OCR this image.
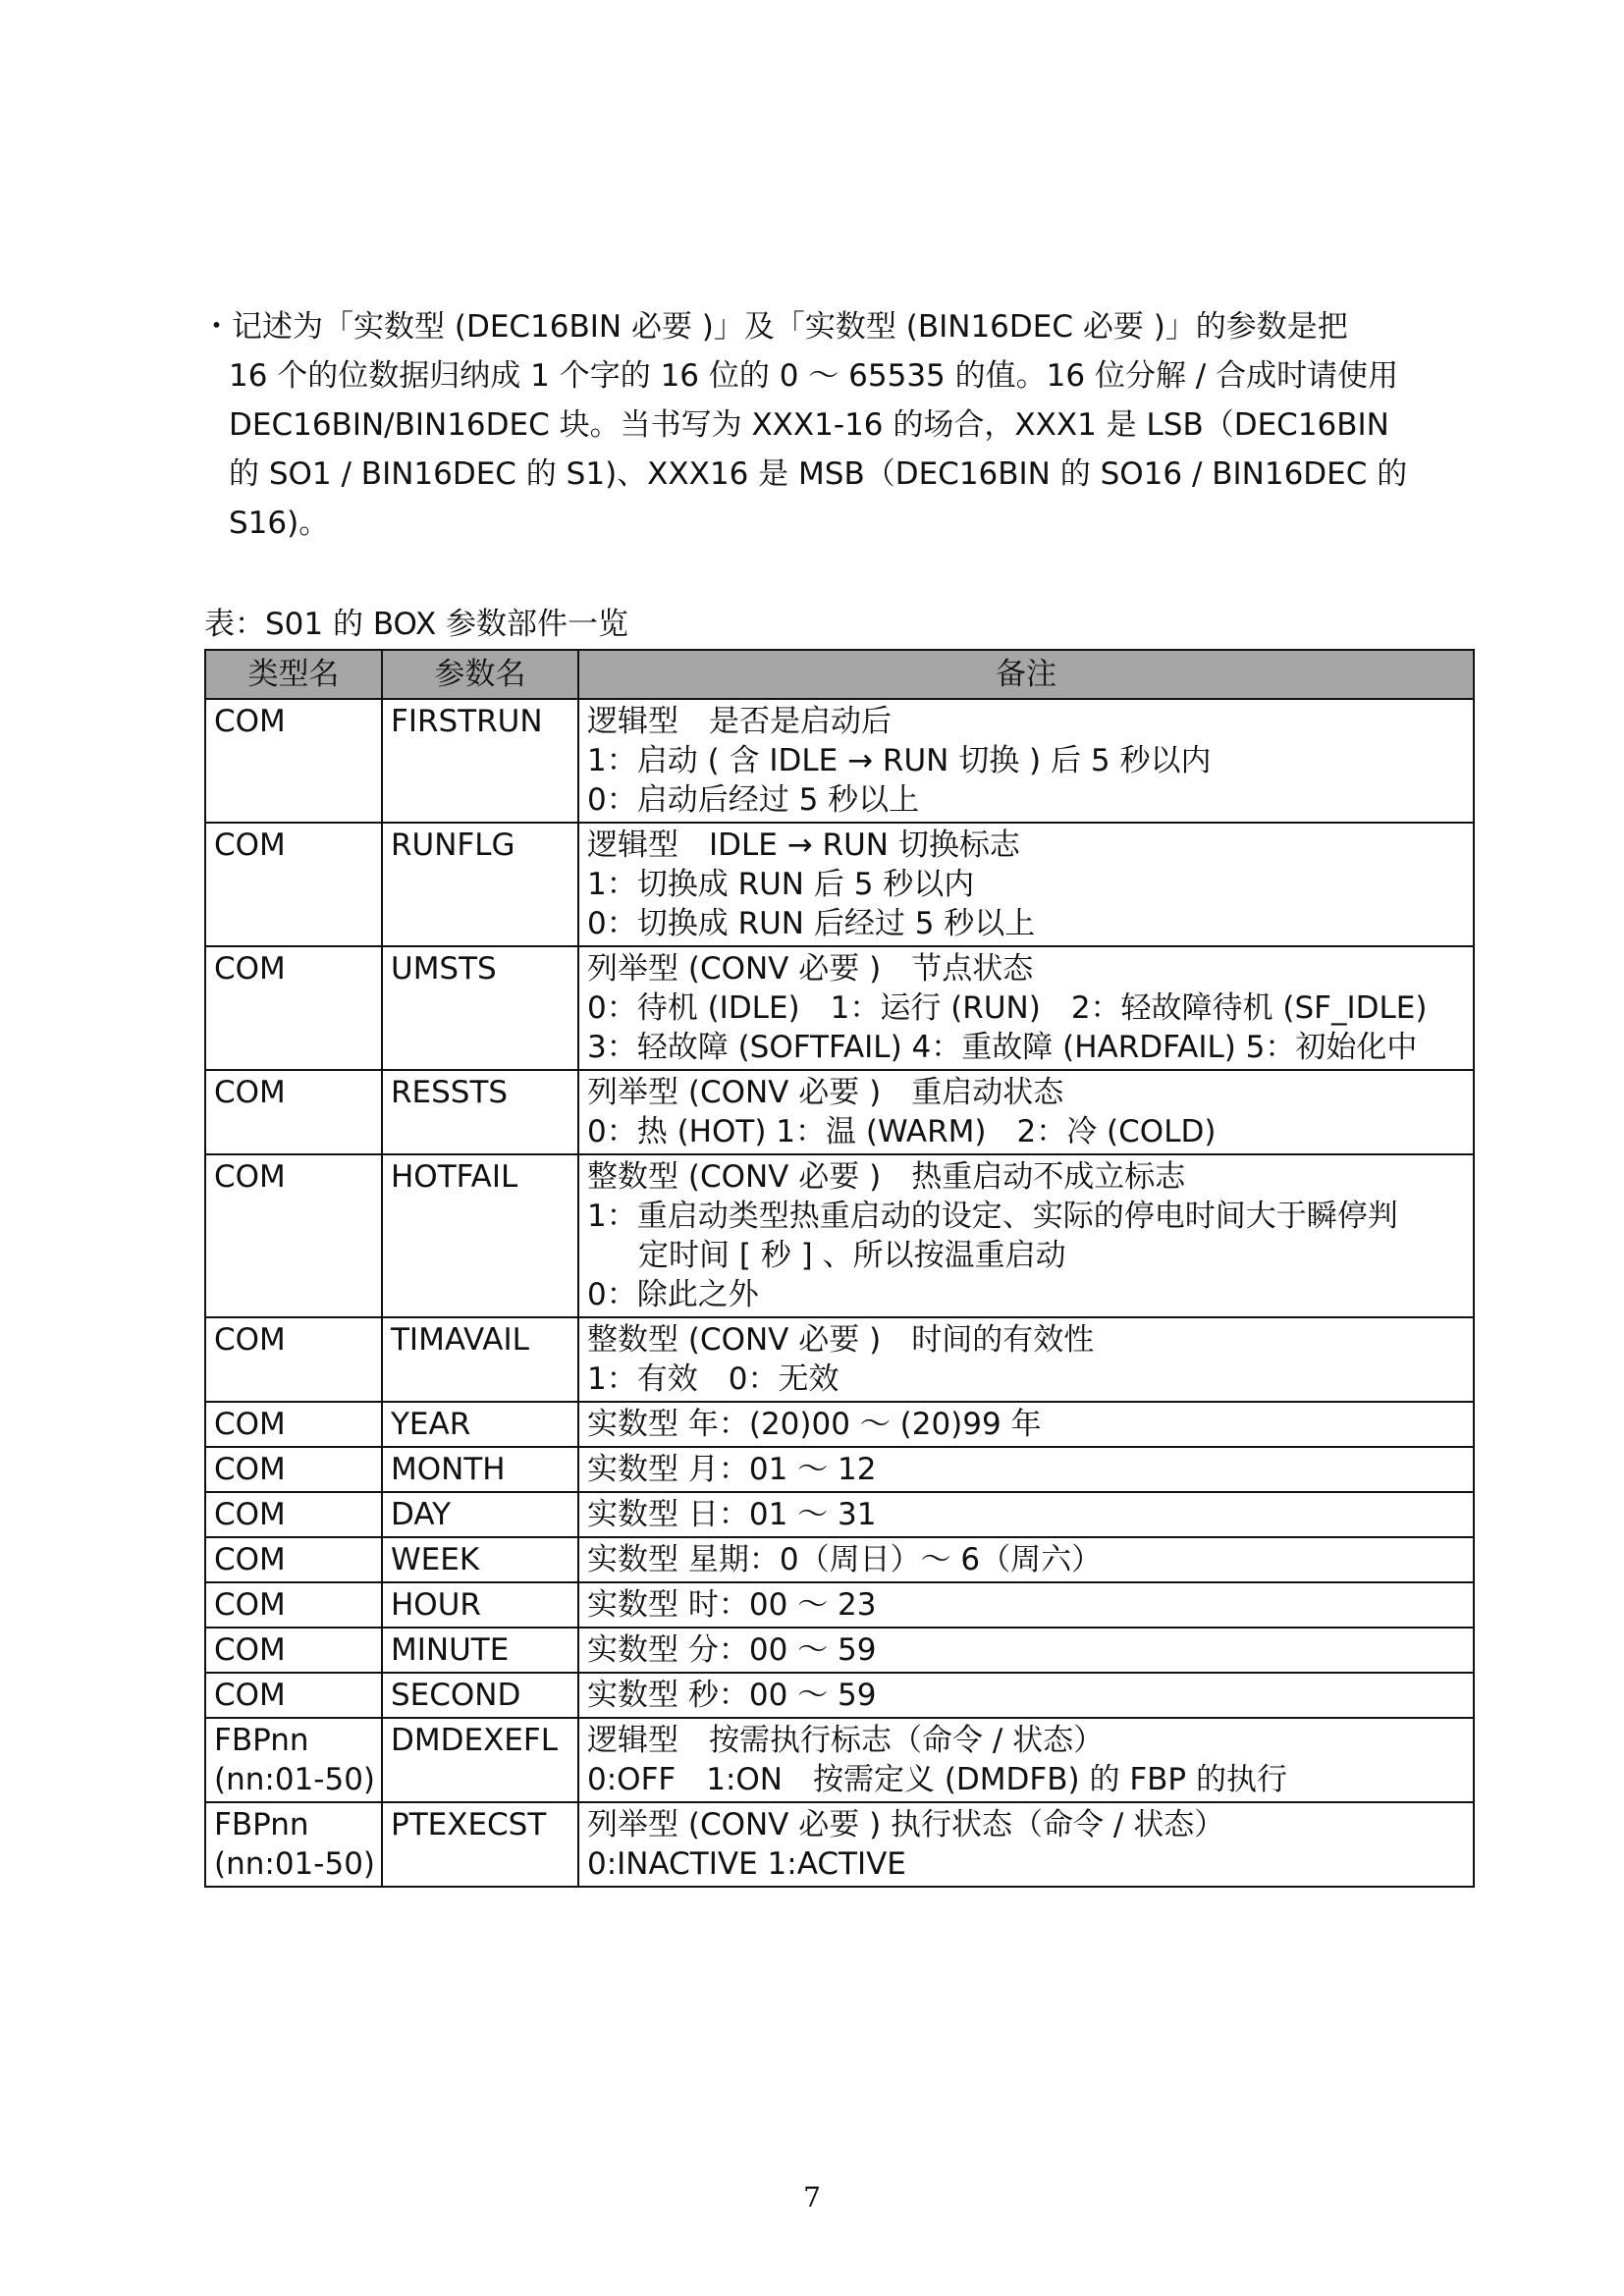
・记述为「实数型 (DEC16BIN 必要 )」及「实数型 (BIN16DEC 必要 )」的参数是把
16 个的位数据归纳成 1 个字的 16 位的 0 ～ 65535 的值。16 位分解 / 合成时请使用
DEC16BIN/BIN16DEC 块。当书写为 XXX1-16 的场合，XXX1 是 LSB（DEC16BIN
的 SO1 / BIN16DEC 的 S1)、XXX16 是 MSB（DEC16BIN 的 SO16 / BIN16DEC 的
S16)。
表：S01 的 BOX 参数部件一览
类型名	参数名	备注

COM	FIRSTRUN	逻辑型　是否是启动后
1：启动 ( 含 IDLE → RUN 切换 ) 后 5 秒以内
0：启动后经过 5 秒以上

COM	RUNFLG	逻辑型　IDLE → RUN 切换标志
1：切换成 RUN 后 5 秒以内
0：切换成 RUN 后经过 5 秒以上

COM	UMSTS	列举型 (CONV 必要 )　节点状态
0：待机 (IDLE)　1：运行 (RUN)　2：轻故障待机 (SF_IDLE)
3：轻故障 (SOFTFAIL) 4：重故障 (HARDFAIL) 5：初始化中

COM	RESSTS	列举型 (CONV 必要 )　重启动状态
0：热 (HOT) 1：温 (WARM)　2：冷 (COLD)

COM	HOTFAIL	整数型 (CONV 必要 )　热重启动不成立标志
1：重启动类型热重启动的设定、实际的停电时间大于瞬停判
定时间 [ 秒 ] 、所以按温重启动
0：除此之外

COM	TIMAVAIL	整数型 (CONV 必要 )　时间的有效性
1：有效　0：无效

COM	YEAR	实数型 年：(20)00 ～ (20)99 年

COM	MONTH	实数型 月：01 ～ 12

COM	DAY	实数型 日：01 ～ 31

COM	WEEK	实数型 星期：0（周日）～ 6（周六）

COM	HOUR	实数型 时：00 ～ 23

COM	MINUTE	实数型 分：00 ～ 59

COM	SECOND	实数型 秒：00 ～ 59

FBPnn
(nn:01-50)	DMDEXEFL	逻辑型　按需执行标志（命令 / 状态）
0:OFF　1:ON　按需定义 (DMDFB) 的 FBP 的执行

FBPnn
(nn:01-50)	PTEXECST	列举型 (CONV 必要 ) 执行状态（命令 / 状态）
0:INACTIVE 1:ACTIVE
7
